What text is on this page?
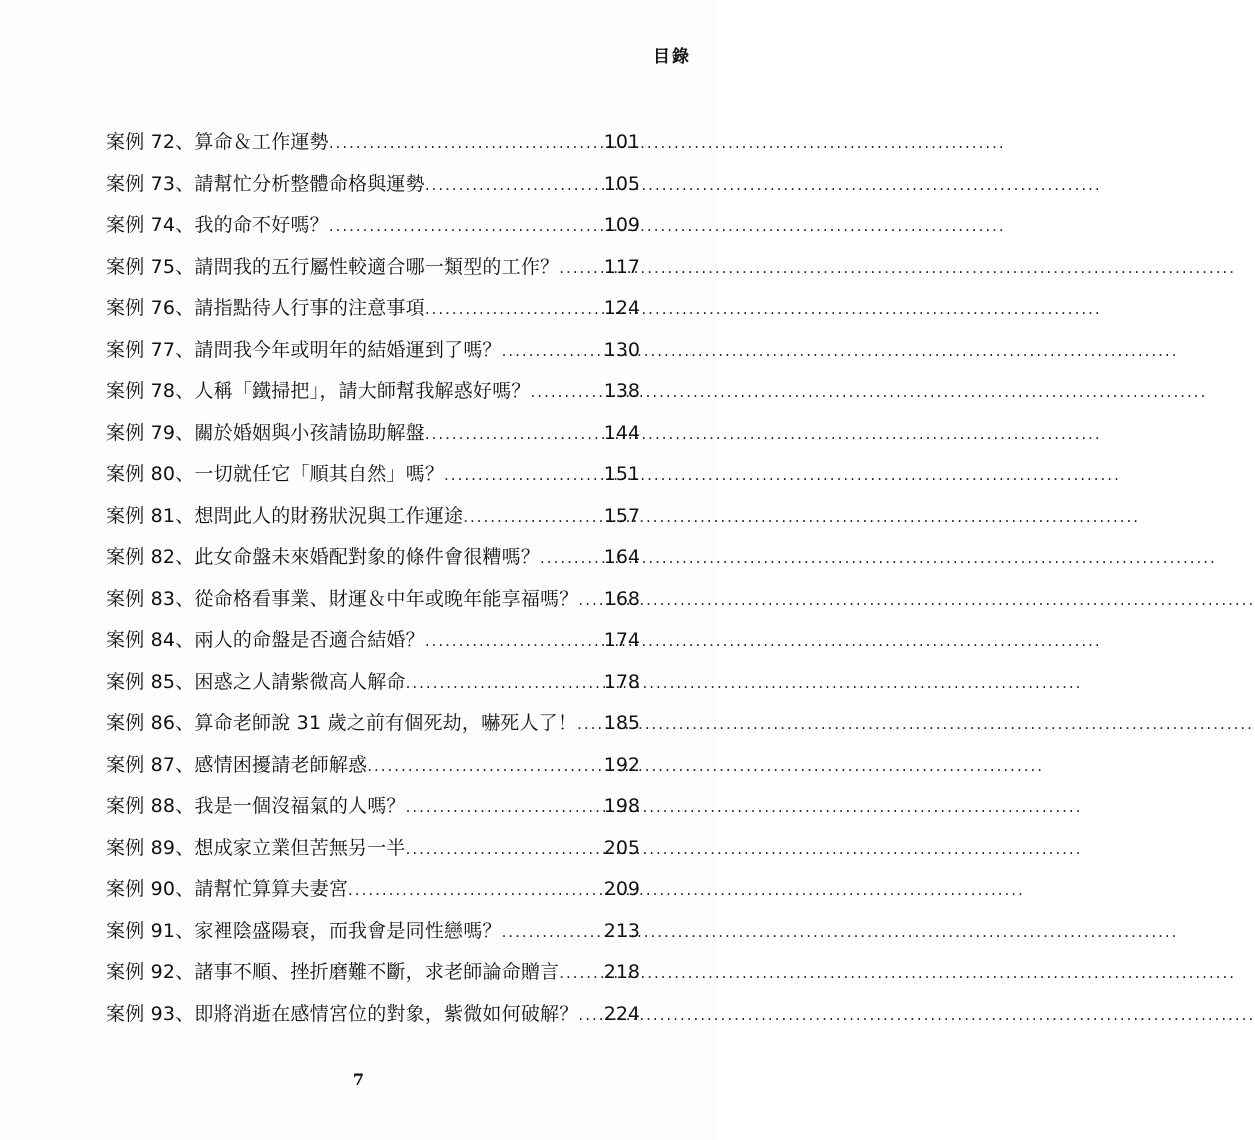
目錄
案例 72、算命＆工作運勢 .....	101
案例 73、請幫忙分析整體命格與運勢 .....	105
案例 74、我的命不好嗎？ .....	109
案例 75、請問我的五行屬性較適合哪一類型的工作？ ..... 117
案例 76、請指點待人行事的注意事項 .....	124
案例 77、請問我今年或明年的結婚運到了嗎？ .....	130
案例 78、人稱「鐵掃把」，請大師幫我解惑好嗎？ .....	138
案例 79、關於婚姻與小孩請協助解盤 .....	144
案例 80、一切就任它「順其自然」嗎？ .....	151
案例 81、想問此人的財務狀況與工作運途 .....	157
案例 82、此女命盤未來婚配對象的條件會很糟嗎？ .....	164
案例 83、從命格看事業、財運＆中年或晚年能享福嗎？ ..... 168
案例 84、兩人的命盤是否適合結婚？ .....	174
案例 85、困惑之人請紫微高人解命 .....	178
案例 86、算命老師說 31 歲之前有個死劫，嚇死人了！ ..... 185
案例 87、感情困擾請老師解惑 .....	192
案例 88、我是一個沒福氣的人嗎？ .....	198
案例 89、想成家立業但苦無另一半 .....	205
案例 90、請幫忙算算夫妻宮 .....	209
案例 91、家裡陰盛陽衰，而我會是同性戀嗎？ .....	213
案例 92、諸事不順、挫折磨難不斷，求老師論命贈言 ..... 218
案例 93、即將消逝在感情宮位的對象，紫微如何破解？ ..... 224
7
